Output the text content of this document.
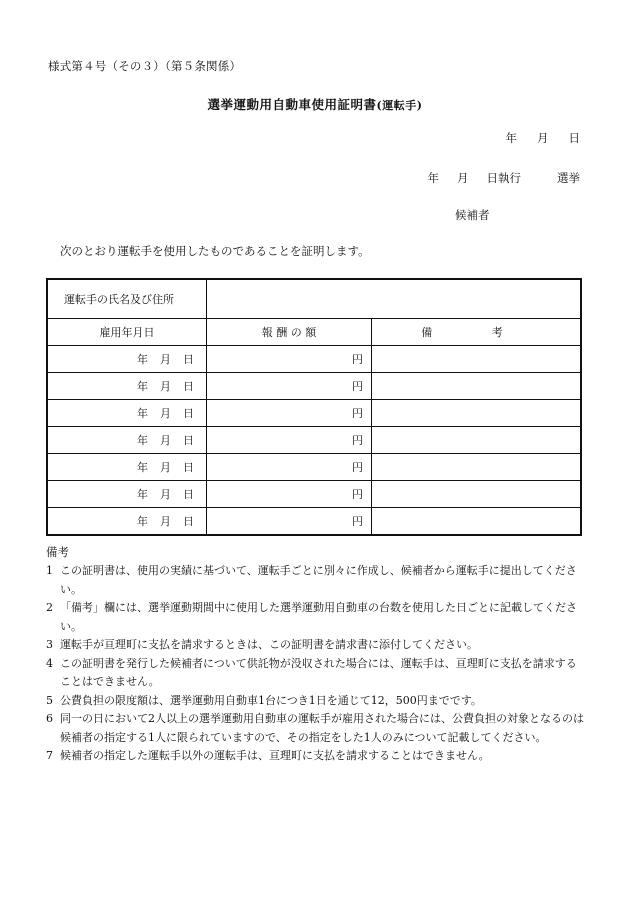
様式第４号（その３）（第５条関係）
選挙運動用自動車使用証明書(運転手)
年 月 日
年 月 日執行	選挙
候補者
次のとおり運転手を使用したものであることを証明します。
運転手の氏名及び住所		
雇用年月日	報 酬 の 額	備 考
年 月 日	円	
年 月 日	円	
年 月 日	円	
年 月 日	円	
年 月 日	円	
年 月 日	円	
年 月 日	円	
備考
1 この証明書は、使用の実績に基づいて、運転手ごとに別々に作成し、候補者から運転手に提出してください。
2 「備考」欄には、選挙運動期間中に使用した選挙運動用自動車の台数を使用した日ごとに記載してください。
3 運転手が亘理町に支払を請求するときは、この証明書を請求書に添付してください。
4 この証明書を発行した候補者について供託物が没収された場合には、運転手は、亘理町に支払を請求することはできません。
5 公費負担の限度額は、選挙運動用自動車1台につき1日を通じて12，500円までです。
6 同一の日において2人以上の選挙運動用自動車の運転手が雇用された場合には、公費負担の対象となるのは候補者の指定する1人に限られていますので、その指定をした1人のみについて記載してください。
7 候補者の指定した運転手以外の運転手は、亘理町に支払を請求することはできません。
